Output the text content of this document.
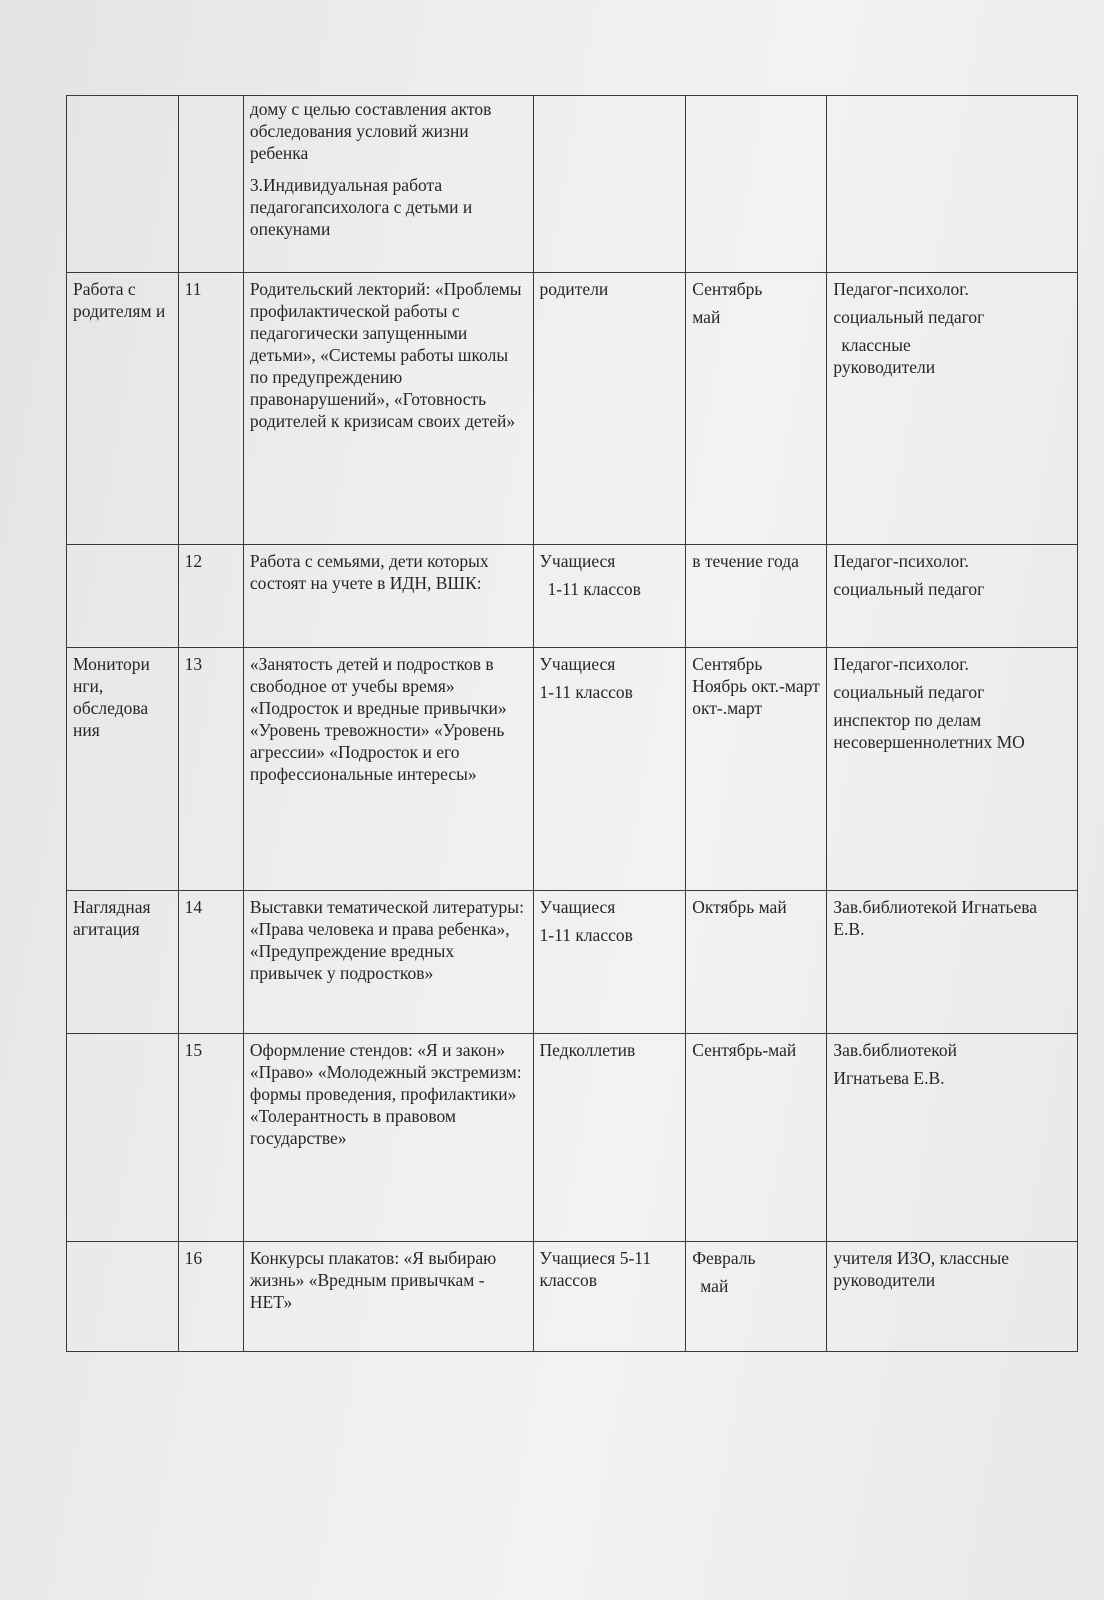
		дому с целью составления актов обследования условий жизни ребенка
3.Индивидуальная работа педагогапсихолога с детьми и опекунами			

Работа с родителям и	11	Родительский лекторий: «Проблемы профилактической работы с педагогически запущенными детьми», «Системы работы школы по предупреждению правонарушений», «Готовность родителей к кризисам своих детей»	родители	Сентябрь
май	Педагог-психолог.
социальный педагог
классные
руководители

	12	Работа с семьями, дети которых состоят на учете в ИДН, ВШК:	Учащиеся
1-11 классов	в течение года	Педагог-психолог.
социальный педагог

Монитори нги, обследова ния	13	«Занятость детей и подростков в свободное от учебы время» «Подросток и вредные привычки» «Уровень тревожности» «Уровень агрессии» «Подросток и его профессиональные интересы»	Учащиеся
1-11 классов	Сентябрь Ноябрь окт.-март окт-.март	Педагог-психолог.
социальный педагог
инспектор по делам несовершеннолетних МО

Наглядная агитация	14	Выставки тематической литературы: «Права человека и права ребенка», «Предупреждение вредных привычек у подростков»	Учащиеся
1-11 классов	Октябрь май	Зав.библиотекой Игнатьева Е.В.

	15	Оформление стендов: «Я и закон» «Право» «Молодежный экстремизм: формы проведения, профилактики» «Толерантность в правовом государстве»	Педколлетив	Сентябрь-май	Зав.библиотекой
Игнатьева Е.В.

	16	Конкурсы плакатов: «Я выбираю жизнь» «Вредным привычкам - НЕТ»	Учащиеся 5-11 классов	Февраль
май	учителя ИЗО, классные руководители
